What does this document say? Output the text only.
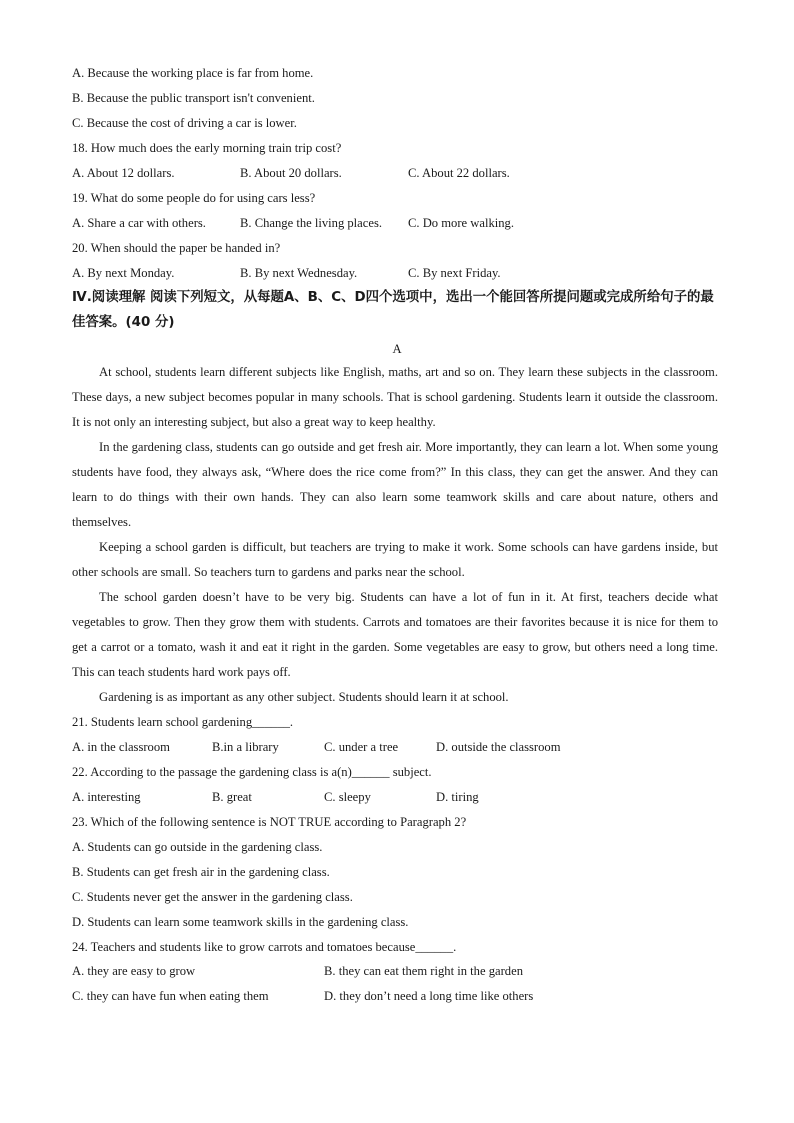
A. Because the working place is far from home.
B. Because the public transport isn't convenient.
C. Because the cost of driving a car is lower.
18. How much does the early morning train trip cost?
A. About 12 dollars.	B. About 20 dollars.	C. About 22 dollars.
19. What do some people do for using cars less?
A. Share a car with others.	B. Change the living places. C. Do more walking.
20. When should the paper be handed in?
A. By next Monday.	B. By next Wednesday.	C. By next Friday.
Ⅳ.阅读理解 阅读下列短文，从每题A、B、C、D四个选项中，选出一个能回答所提问题或完成所给句子的最佳答案。(40 分)
A

At school, students learn different subjects like English, maths, art and so on. They learn these subjects in the classroom. These days, a new subject becomes popular in many schools. That is school gardening. Students learn it outside the classroom. It is not only an interesting subject, but also a great way to keep healthy.

In the gardening class, students can go outside and get fresh air. More importantly, they can learn a lot. When some young students have food, they always ask, “Where does the rice come from?” In this class, they can get the answer. And they can learn to do things with their own hands. They can also learn some teamwork skills and care about nature, others and themselves.

Keeping a school garden is difficult, but teachers are trying to make it work. Some schools can have gardens inside, but other schools are small. So teachers turn to gardens and parks near the school.

The school garden doesn’t have to be very big. Students can have a lot of fun in it. At first, teachers decide what vegetables to grow. Then they grow them with students. Carrots and tomatoes are their favorites because it is nice for them to get a carrot or a tomato, wash it and eat it right in the garden. Some vegetables are easy to grow, but others need a long time. This can teach students hard work pays off.

Gardening is as important as any other subject. Students should learn it at school.

21. Students learn school gardening______.
A. in the classroom	B.in a library	C. under a tree	D. outside the classroom
22. According to the passage the gardening class is a(n)______ subject.
A. interesting	B. great	C. sleepy	D. tiring
23. Which of the following sentence is NOT TRUE according to Paragraph 2?
A. Students can go outside in the gardening class.
B. Students can get fresh air in the gardening class.
C. Students never get the answer in the gardening class.
D. Students can learn some teamwork skills in the gardening class.
24. Teachers and students like to grow carrots and tomatoes because______.
A. they are easy to grow	B. they can eat them right in the garden
C. they can have fun when eating them	D. they don’t need a long time like others
